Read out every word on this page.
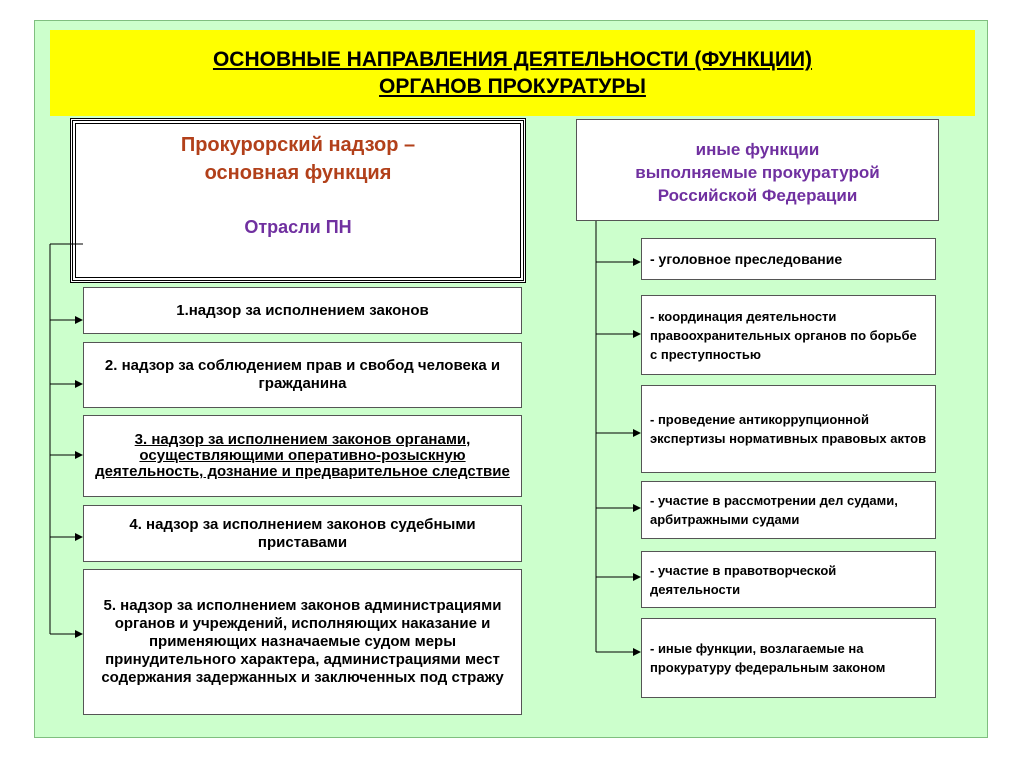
ОСНОВНЫЕ НАПРАВЛЕНИЯ ДЕЯТЕЛЬНОСТИ (ФУНКЦИИ)
ОРГАНОВ ПРОКУРАТУРЫ
Прокурорский надзор –
основная функция
Отрасли ПН
иные функции
выполняемые прокуратурой
Российской Федерации
1.надзор за исполнением законов
2. надзор за соблюдением прав и свобод человека и гражданина
3. надзор за исполнением законов органами, осуществляющими оперативно-розыскную деятельность, дознание и предварительное следствие
4. надзор за исполнением законов судебными приставами
5. надзор за исполнением законов администрациями органов и учреждений, исполняющих наказание и применяющих назначаемые судом меры принудительного характера, администрациями мест содержания задержанных и заключенных под стражу
- уголовное преследование
- координация деятельности правоохранительных органов по борьбе с преступностью
- проведение антикоррупционной экспертизы нормативных правовых актов
- участие в рассмотрении дел судами, арбитражными судами
- участие в правотворческой деятельности
- иные функции, возлагаемые на прокуратуру федеральным законом
